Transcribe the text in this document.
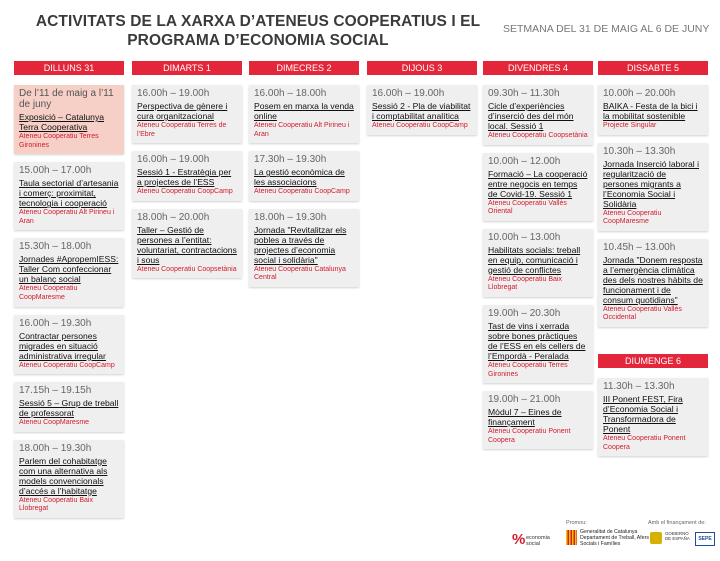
ACTIVITATS DE LA XARXA D’ATENEUS COOPERATIUS I EL
PROGRAMA D’ECONOMIA SOCIAL
SETMANA DEL 31 DE MAIG AL 6 DE JUNY
DILLUNS 31
De l’11 de maig a l’11 de juny
Exposició – Catalunya Terra Cooperativa
Ateneu Cooperatiu Terres Gironines
15.00h – 17.00h
Taula sectorial d’artesania i comerç: proximitat, tecnologia i cooperació
Ateneu Cooperatiu Alt Pirineu i Aran
15.30h – 18.00h
Jornades #ApropemIESS: Taller Com confeccionar un balanç social
Ateneu Cooperatiu CoopMaresme
16.00h – 19.30h
Contractar persones migrades en situació administrativa irregular
Ateneu Cooperatiu CoopCamp
17.15h – 19.15h
Sessió 5 – Grup de treball de professorat
Ateneu CoopMaresme
18.00h – 19.30h
Parlem del cohabitatge com una alternativa als models convencionals d’accés a l’habitatge
Ateneu Cooperatiu Baix Llobregat
DIMARTS 1
16.00h – 19.00h
Perspectiva de gènere i cura organitzacional
Ateneu Cooperatiu Terres de l’Ebre
16.00h – 19.00h
Sessió 1 - Estratègia per a projectes de l’ESS
Ateneu Cooperatiu CoopCamp
18.00h – 20.00h
Taller – Gestió de persones a l’entitat: voluntariat, contractacions i sous
Ateneu Cooperatiu Coopsetània
DIMECRES 2
16.00h – 18.00h
Posem en marxa la venda online
Ateneu Cooperatiu Alt Pirineu i Aran
17.30h – 19.30h
La gestió econòmica de les associacions
Ateneu Cooperatiu CoopCamp
18.00h – 19.30h
Jornada "Revitalitzar els pobles a través de projectes d’economia social i solidària"
Ateneu Cooperatiu Catalunya Central
DIJOUS 3
16.00h – 19.00h
Sessió 2 - Pla de viabilitat i comptabilitat analítica
Ateneu Cooperatiu CoopCamp
DIVENDRES 4
09.30h – 11.30h
Cicle d’experiències d’inserció des del món local. Sessió 1
Ateneu Cooperatiu Coopsetània
10.00h – 12.00h
Formació – La cooperació entre negocis en temps de Covid-19. Sessió 1
Ateneu Cooperatiu Vallès Oriental
10.00h – 13.00h
Habilitats socials: treball en equip, comunicació i gestió de conflictes
Ateneu Cooperatiu Baix Llobregat
19.00h – 20.30h
Tast de vins i xerrada sobre bones pràctiques de l’ESS en els cellers de l’Empordà - Peralada
Ateneu Cooperatiu Terres Gironines
19.00h – 21.00h
Mòdul 7 – Eines de finançament
Ateneu Cooperatiu Ponent Coopera
DISSABTE 5
10.00h – 20.00h
BAIKA - Festa de la bici i la mobilitat sostenible
Projecte Singular
10.30h – 13.30h
Jornada Inserció laboral i regularització de persones migrants a l’Economia Social i Solidària
Ateneu Cooperatiu CoopMaresme
10.45h – 13.00h
Jornada "Donem resposta a l’emergència climàtica des dels nostres hàbits de funcionament i de consum quotidians"
Ateneu Cooperatiu Vallès Occidental
DIUMENGE 6
11.30h – 13.30h
III Ponent FEST, Fira d’Economia Social i Transformadora de Ponent
Ateneu Cooperatiu Ponent Coopera
Promou:	Amb el finançament de:
% economia social
Generalitat de Catalunya Departament de Treball, Afers Socials i Famílies
GOBIERNO DE ESPAÑA	SEPE
